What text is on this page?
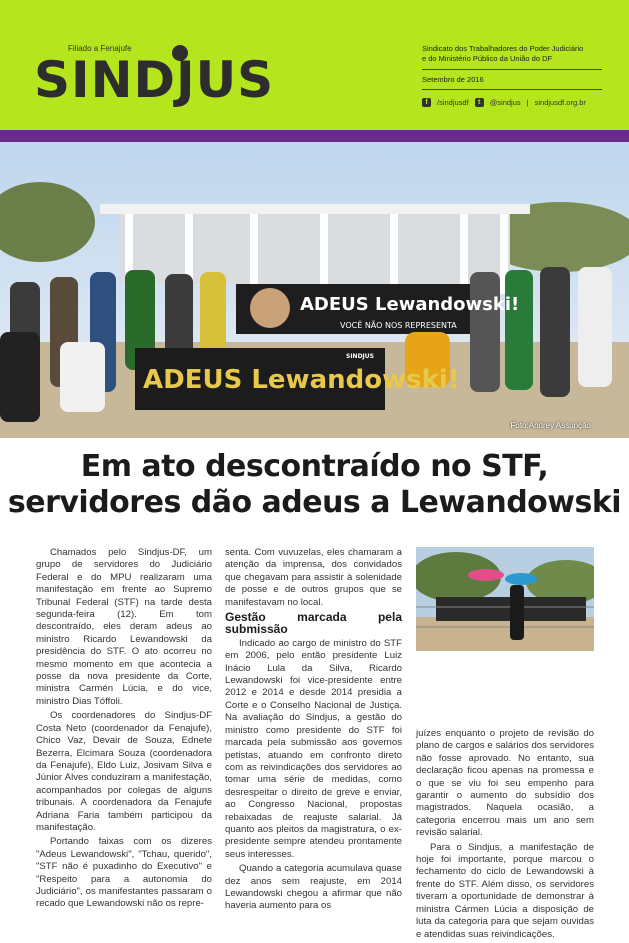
Filiado a Fenajufe
SINDJUS
Sindicato dos Trabalhadores do Poder Judiciário
e do Ministério Público da União do DF
Setembro de 2016
f	/sindjusdf	t	@sindjus | sindjusdf.org.br
ADEUS Lewandowski!
VOCÊ NÃO NOS REPRESENTA
ADEUS Lewandowski!
SINDJUS
Foto:Andrey Assunção
Em ato descontraído no STF,
servidores dão adeus a Lewandowski

Chamados pelo Sindjus-DF, um grupo de servidores do Judiciário Federal e do MPU realizaram uma manifestação em frente ao Supremo Tribunal Federal (STF) na tarde desta segunda-feira (12). Em tom descontraído, eles deram adeus ao ministro Ricardo Lewandowski da presidência do STF. O ato ocorreu no mesmo momento em que acontecia a posse da nova presidente da Corte, ministra Carmén Lúcia, e do vice, ministro Dias Tóffoli.

Os coordenadores do Sindjus-DF Costa Neto (coordenador da Fenajufe), Chico Vaz, Devair de Souza, Ednete Bezerra, Elcimara Souza (coordenadora da Fenajufe), Eldo Luiz, Josivam Silva e Júnior Alves conduziram a manifestação, acompanhados por colegas de alguns tribunais. A coordenadora da Fenajufe Adriana Faria também participou da manifestação.

Portando faixas com os dizeres "Adeus Lewandowski", "Tchau, querido", "STF não é puxadinho do Executivo" e "Respeito para a autonomia do Judiciário", os manifestantes passaram o recado que Lewandowski não os repre-

senta. Com vuvuzelas, eles chamaram a atenção da imprensa, dos convidados que chegavam para assistir à solenidade de posse e de outros grupos que se manifestavam no local.

Gestão marcada pela submissão

Indicado ao cargo de ministro do STF em 2006, pelo então presidente Luiz Inácio Lula da Silva, Ricardo Lewandowski foi vice-presidente entre 2012 e 2014 e desde 2014 presidia a Corte e o Conselho Nacional de Justiça. Na avaliação do Sindjus, a gestão do ministro como presidente do STF foi marcada pela submissão aos governos petistas, atuando em confronto direto com as reivindicações dos servidores ao tomar uma série de medidas, como desrespeitar o direito de greve e enviar, ao Congresso Nacional, propostas rebaixadas de reajuste salarial. Já quanto aos pleitos da magistratura, o ex-presidente sempre atendeu prontamente seus interesses.

Quando a categoria acumulava quase dez anos sem reajuste, em 2014 Lewandowski chegou a afirmar que não haveria aumento para os

juízes enquanto o projeto de revisão do plano de cargos e salários dos servidores não fosse aprovado. No entanto, sua declaração ficou apenas na promessa e o que se viu foi seu empenho para garantir o aumento do subsídio dos magistrados. Naquela ocasião, a categoria encerrou mais um ano sem revisão salarial.

Para o Sindjus, a manifestação de hoje foi importante, porque marcou o fechamento do ciclo de Lewandowski à frente do STF. Além disso, os servidores tiveram a oportunidade de demonstrar à ministra Cármen Lúcia a disposição de luta da categoria para que sejam ouvidas e atendidas suas reivindicações.
